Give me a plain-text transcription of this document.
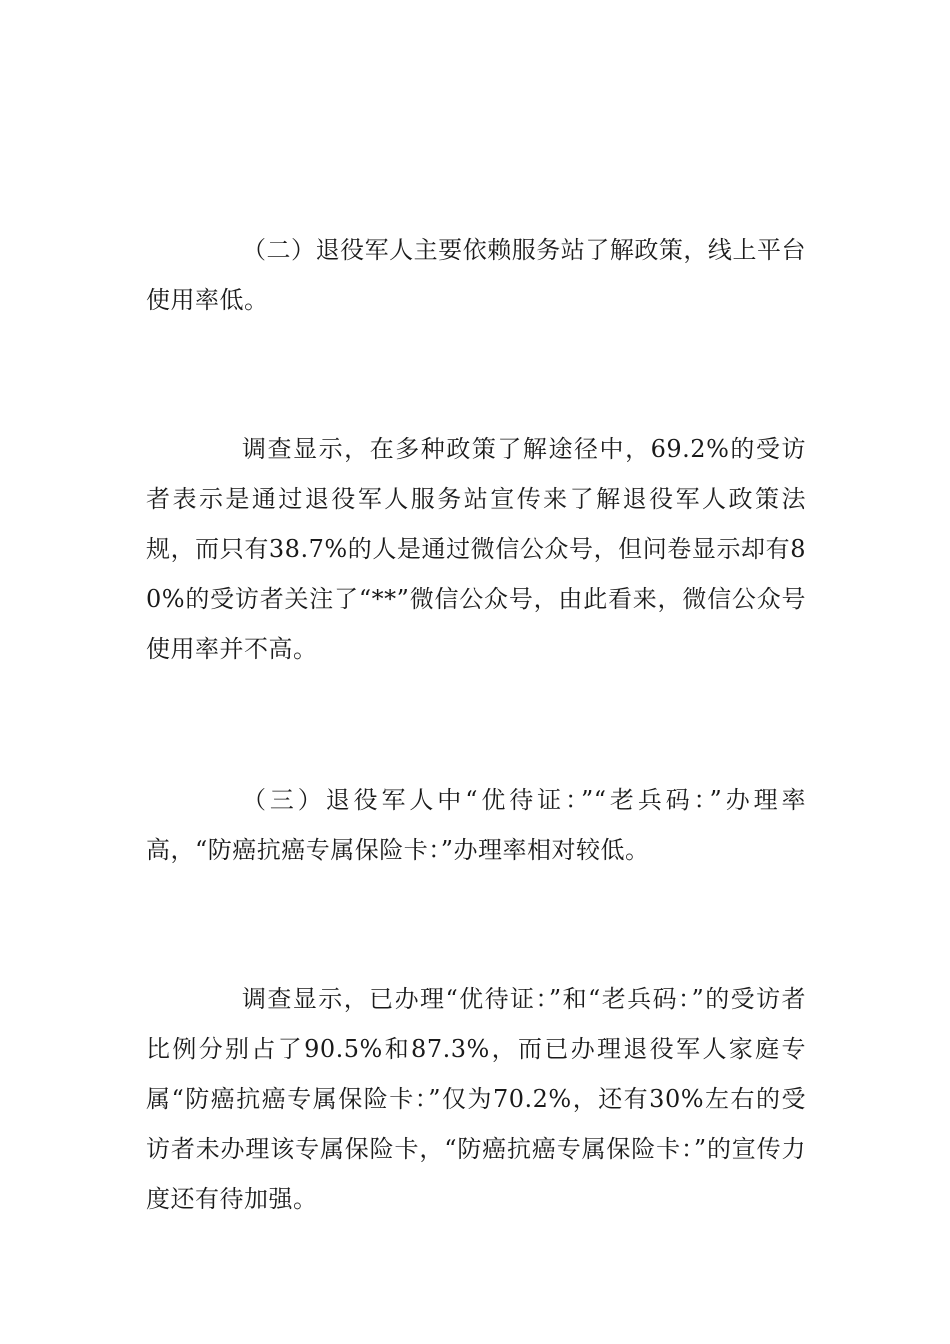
（二）退役军人主要依赖服务站了解政策，线上平台使用率低。

调查显示，在多种政策了解途径中，69.2%的受访者表示是通过退役军人服务站宣传来了解退役军人政策法规，而只有38.7%的人是通过微信公众号，但问卷显示却有80%的受访者关注了“**”微信公众号，由此看来，微信公众号使用率并不高。

（三）退役军人中“优待证：”“老兵码：”办理率高，“防癌抗癌专属保险卡：”办理率相对较低。

调查显示，已办理“优待证：”和“老兵码：”的受访者比例分别占了90.5%和87.3%，而已办理退役军人家庭专属“防癌抗癌专属保险卡：”仅为70.2%，还有30%左右的受访者未办理该专属保险卡，“防癌抗癌专属保险卡：”的宣传力度还有待加强。
